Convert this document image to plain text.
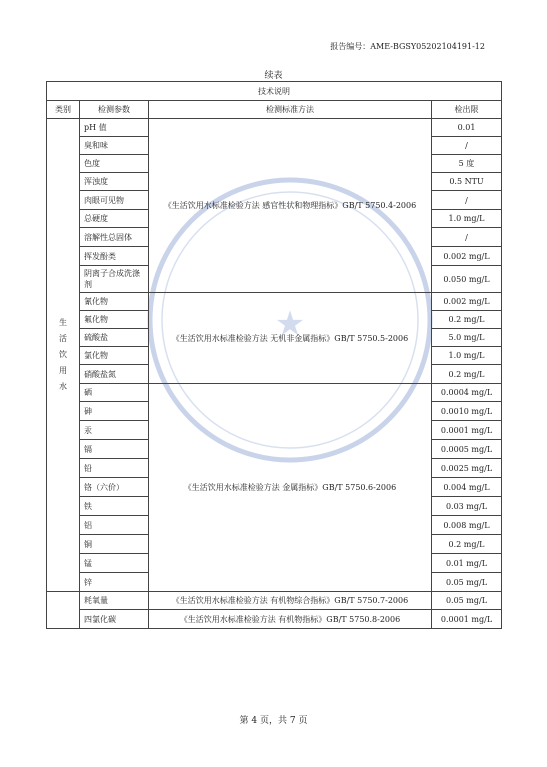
报告编号：AME-BGSY05202104191-12
续表
★
技术说明			
类别	检测参数	检测标准方法	检出限

生
活
饮
用
水	pH 值	《生活饮用水标准检验方法 感官性状和物理指标》GB/T 5750.4-2006	0.01
	臭和味		/
	色度		5 度
	浑浊度		0.5 NTU
	肉眼可见物		/
	总硬度		1.0 mg/L
	溶解性总固体		/
	挥发酚类		0.002 mg/L
	阴离子合成洗涤剂		0.050 mg/L
	氰化物	《生活饮用水标准检验方法 无机非金属指标》GB/T 5750.5-2006	0.002 mg/L
	氟化物		0.2 mg/L
	硫酸盐		5.0 mg/L
	氯化物		1.0 mg/L
	硝酸盐氮		0.2 mg/L
	硒	《生活饮用水标准检验方法 金属指标》GB/T 5750.6-2006	0.0004 mg/L
	砷		0.0010 mg/L
	汞		0.0001 mg/L
	镉		0.0005 mg/L
	铅		0.0025 mg/L
	铬（六价）		0.004 mg/L
	铁		0.03 mg/L
	铝		0.008 mg/L
	铜		0.2 mg/L
	锰		0.01 mg/L
	锌		0.05 mg/L
	耗氧量	《生活饮用水标准检验方法 有机物综合指标》GB/T 5750.7-2006	0.05 mg/L
	四氯化碳	《生活饮用水标准检验方法 有机物指标》GB/T 5750.8-2006	0.0001 mg/L
第 4 页，共 7 页
